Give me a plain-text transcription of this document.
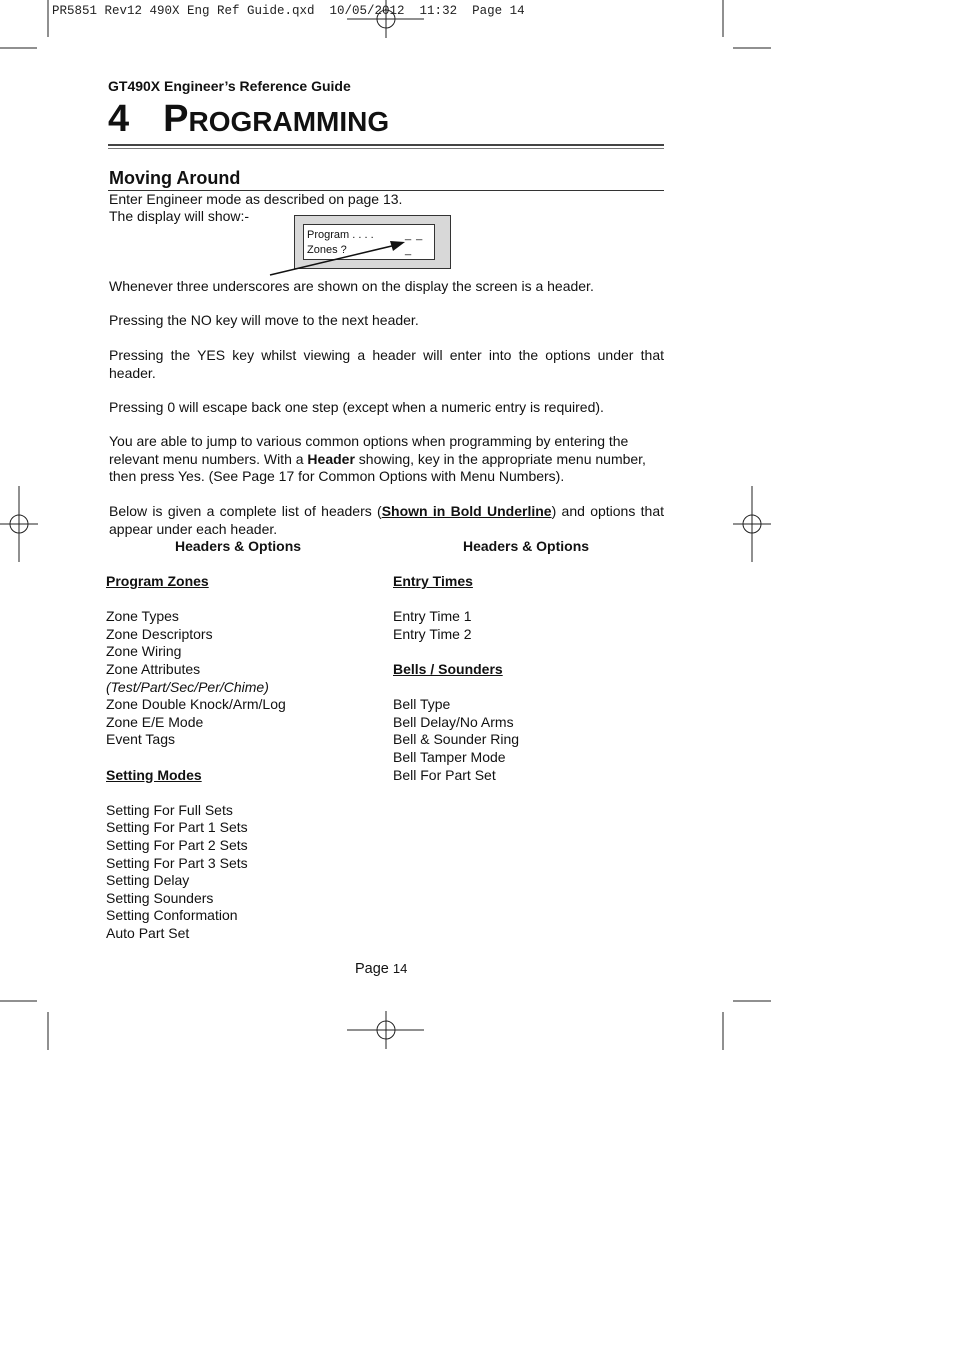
PR5851 Rev12 490X Eng Ref Guide.qxd  10/05/2012  11:32  Page 14
GT490X Engineer’s Reference Guide
4 PROGRAMMING
Moving Around
Enter Engineer mode as described on page 13.
The display will show:-
Program . . . .
Zones ?
_ _ _
Whenever three underscores are shown on the display the screen is a header.
Pressing the NO key will move to the next header.
Pressing the YES key whilst viewing a header will enter into the options under that header.
Pressing 0 will escape back one step (except when a numeric entry is required).
You are able to jump to various common options when programming by entering the relevant menu numbers. With a Header showing, key in the appropriate menu number, then press Yes. (See Page 17 for Common Options with Menu Numbers).
Below is given a complete list of headers (Shown in Bold Underline) and options that appear under each header.
Headers & Options	Headers & Options
Program Zones
Zone Types
Zone Descriptors
Zone Wiring
Zone Attributes
(Test/Part/Sec/Per/Chime)
Zone Double Knock/Arm/Log
Zone E/E Mode
Event Tags
Setting Modes
Setting For Full Sets
Setting For Part 1 Sets
Setting For Part 2 Sets
Setting For Part 3 Sets
Setting Delay
Setting Sounders
Setting Conformation
Auto Part Set
Entry Times
Entry Time 1
Entry Time 2
Bells / Sounders
Bell Type
Bell Delay/No Arms
Bell & Sounder Ring
Bell Tamper Mode
Bell For Part Set
Page 14
